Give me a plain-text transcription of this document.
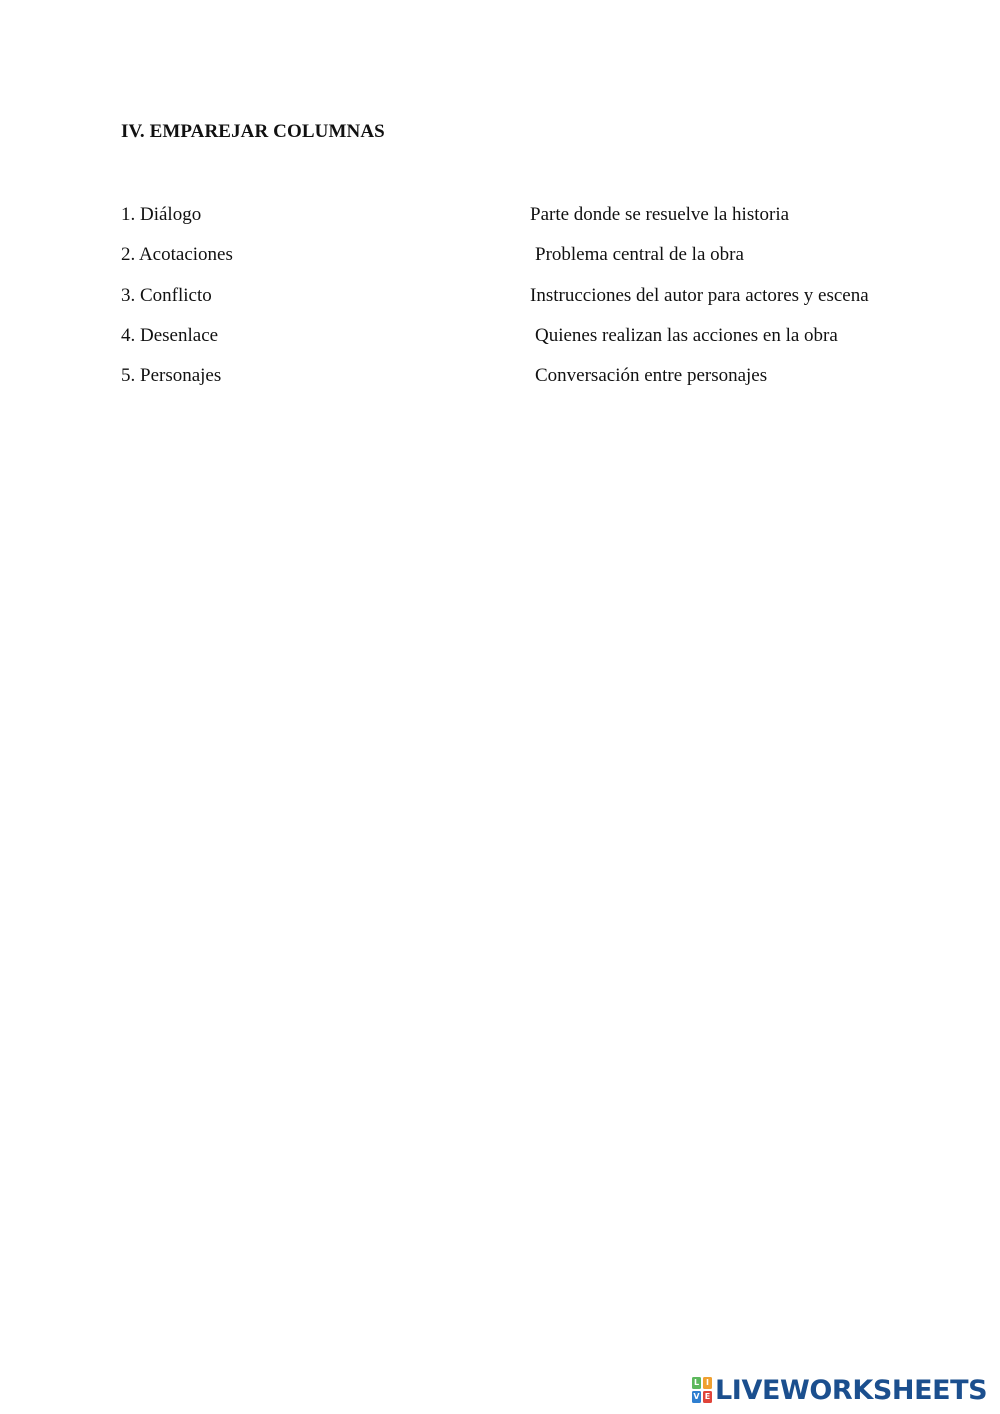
IV. EMPAREJAR COLUMNAS
1. Diálogo
2. Acotaciones
3. Conflicto
4. Desenlace
5. Personajes
Parte donde se resuelve la historia
Problema central de la obra
Instrucciones del autor para actores y escena
Quienes realizan las acciones en la obra
Conversación entre personajes
L I
V E LIVEWORKSHEETS
